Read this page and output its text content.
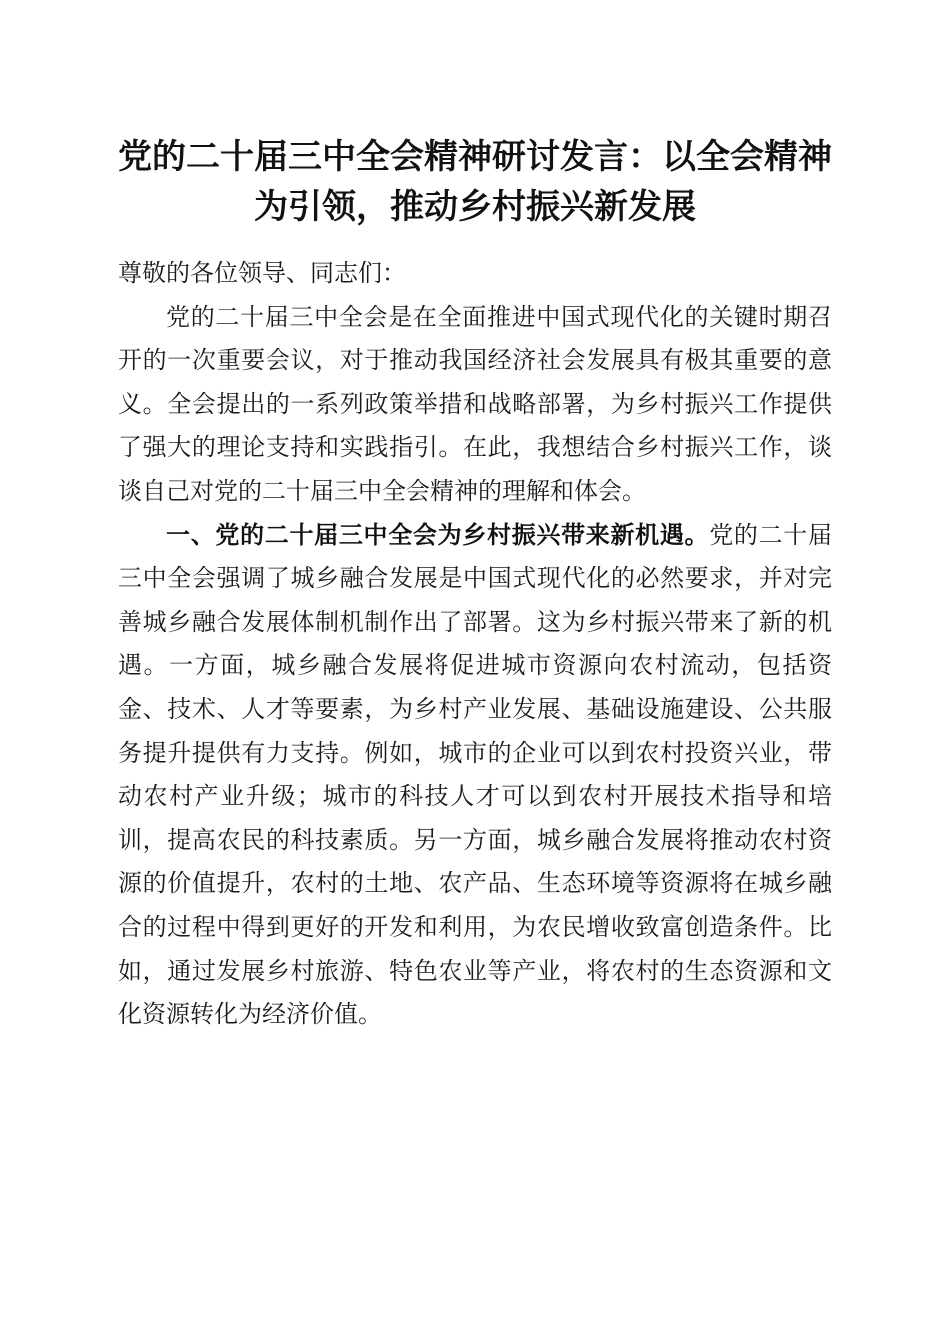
党的二十届三中全会精神研讨发言：以全会精神为引领，推动乡村振兴新发展

尊敬的各位领导、同志们：

党的二十届三中全会是在全面推进中国式现代化的关键时期召开的一次重要会议，对于推动我国经济社会发展具有极其重要的意义。全会提出的一系列政策举措和战略部署，为乡村振兴工作提供了强大的理论支持和实践指引。在此，我想结合乡村振兴工作，谈谈自己对党的二十届三中全会精神的理解和体会。

一、党的二十届三中全会为乡村振兴带来新机遇。党的二十届三中全会强调了城乡融合发展是中国式现代化的必然要求，并对完善城乡融合发展体制机制作出了部署。这为乡村振兴带来了新的机遇。一方面，城乡融合发展将促进城市资源向农村流动，包括资金、技术、人才等要素，为乡村产业发展、基础设施建设、公共服务提升提供有力支持。例如，城市的企业可以到农村投资兴业，带动农村产业升级；城市的科技人才可以到农村开展技术指导和培训，提高农民的科技素质。另一方面，城乡融合发展将推动农村资源的价值提升，农村的土地、农产品、生态环境等资源将在城乡融合的过程中得到更好的开发和利用，为农民增收致富创造条件。比如，通过发展乡村旅游、特色农业等产业，将农村的生态资源和文化资源转化为经济价值。
